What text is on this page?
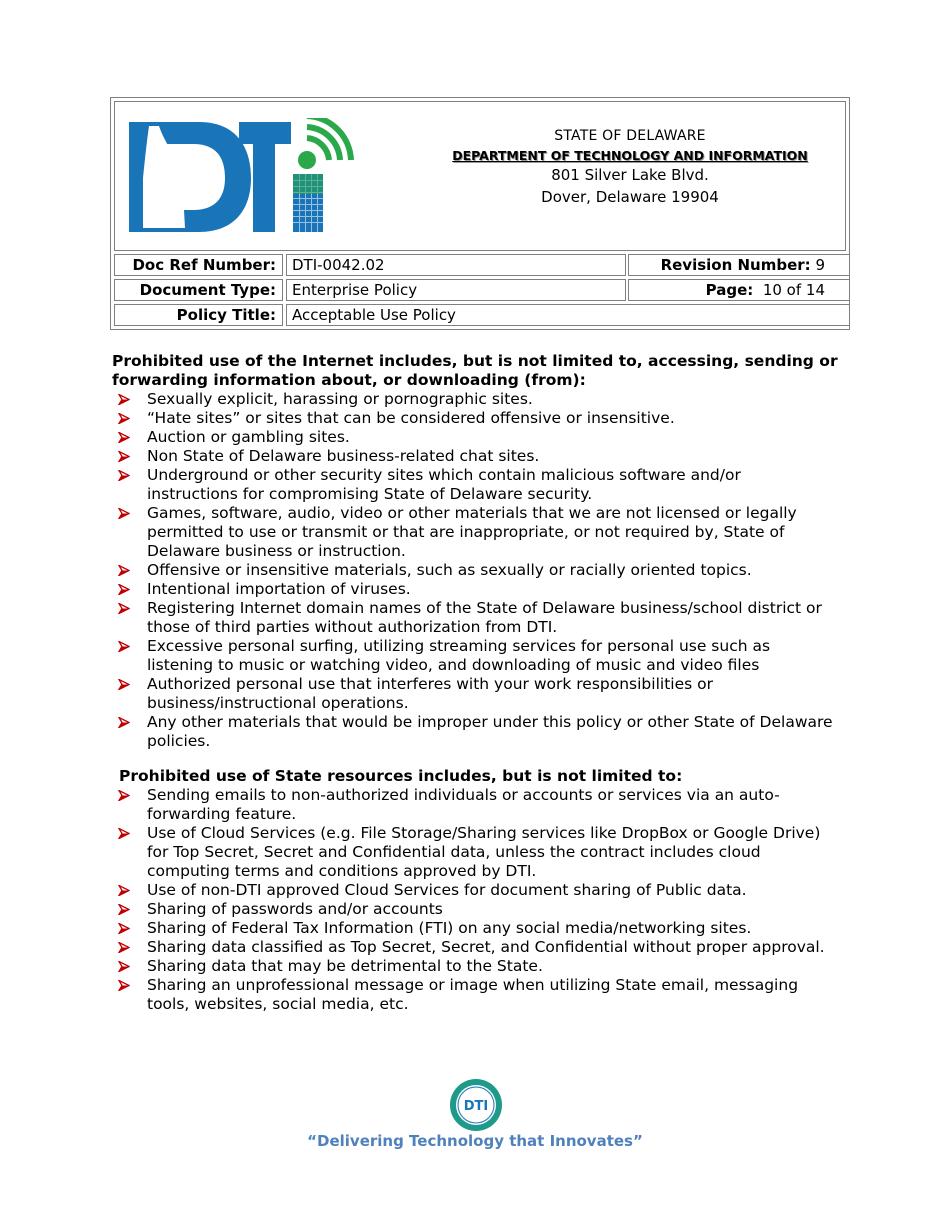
STATE OF DELAWARE
DEPARTMENT OF TECHNOLOGY AND INFORMATION
801 Silver Lake Blvd.
Dover, Delaware 19904
Doc Ref Number:	DTI-0042.02	Revision Number: 9
Document Type:	Enterprise Policy	Page: 10 of 14
Policy Title:	Acceptable Use Policy
Prohibited use of the Internet includes, but is not limited to, accessing, sending or
forwarding information about, or downloading (from):
Sexually explicit, harassing or pornographic sites.
“Hate sites” or sites that can be considered offensive or insensitive.
Auction or gambling sites.
Non State of Delaware business-related chat sites.
Underground or other security sites which contain malicious software and/or
instructions for compromising State of Delaware security.
Games, software, audio, video or other materials that we are not licensed or legally
permitted to use or transmit or that are inappropriate, or not required by, State of
Delaware business or instruction.
Offensive or insensitive materials, such as sexually or racially oriented topics.
Intentional importation of viruses.
Registering Internet domain names of the State of Delaware business/school district or
those of third parties without authorization from DTI.
Excessive personal surfing, utilizing streaming services for personal use such as
listening to music or watching video, and downloading of music and video files
Authorized personal use that interferes with your work responsibilities or
business/instructional operations.
Any other materials that would be improper under this policy or other State of Delaware
policies.
Prohibited use of State resources includes, but is not limited to:
Sending emails to non-authorized individuals or accounts or services via an auto-
forwarding feature.
Use of Cloud Services (e.g. File Storage/Sharing services like DropBox or Google Drive)
for Top Secret, Secret and Confidential data, unless the contract includes cloud
computing terms and conditions approved by DTI.
Use of non-DTI approved Cloud Services for document sharing of Public data.
Sharing of passwords and/or accounts
Sharing of Federal Tax Information (FTI) on any social media/networking sites.
Sharing data classified as Top Secret, Secret, and Confidential without proper approval.
Sharing data that may be detrimental to the State.
Sharing an unprofessional message or image when utilizing State email, messaging
tools, websites, social media, etc.
DTI
“Delivering Technology that Innovates”
